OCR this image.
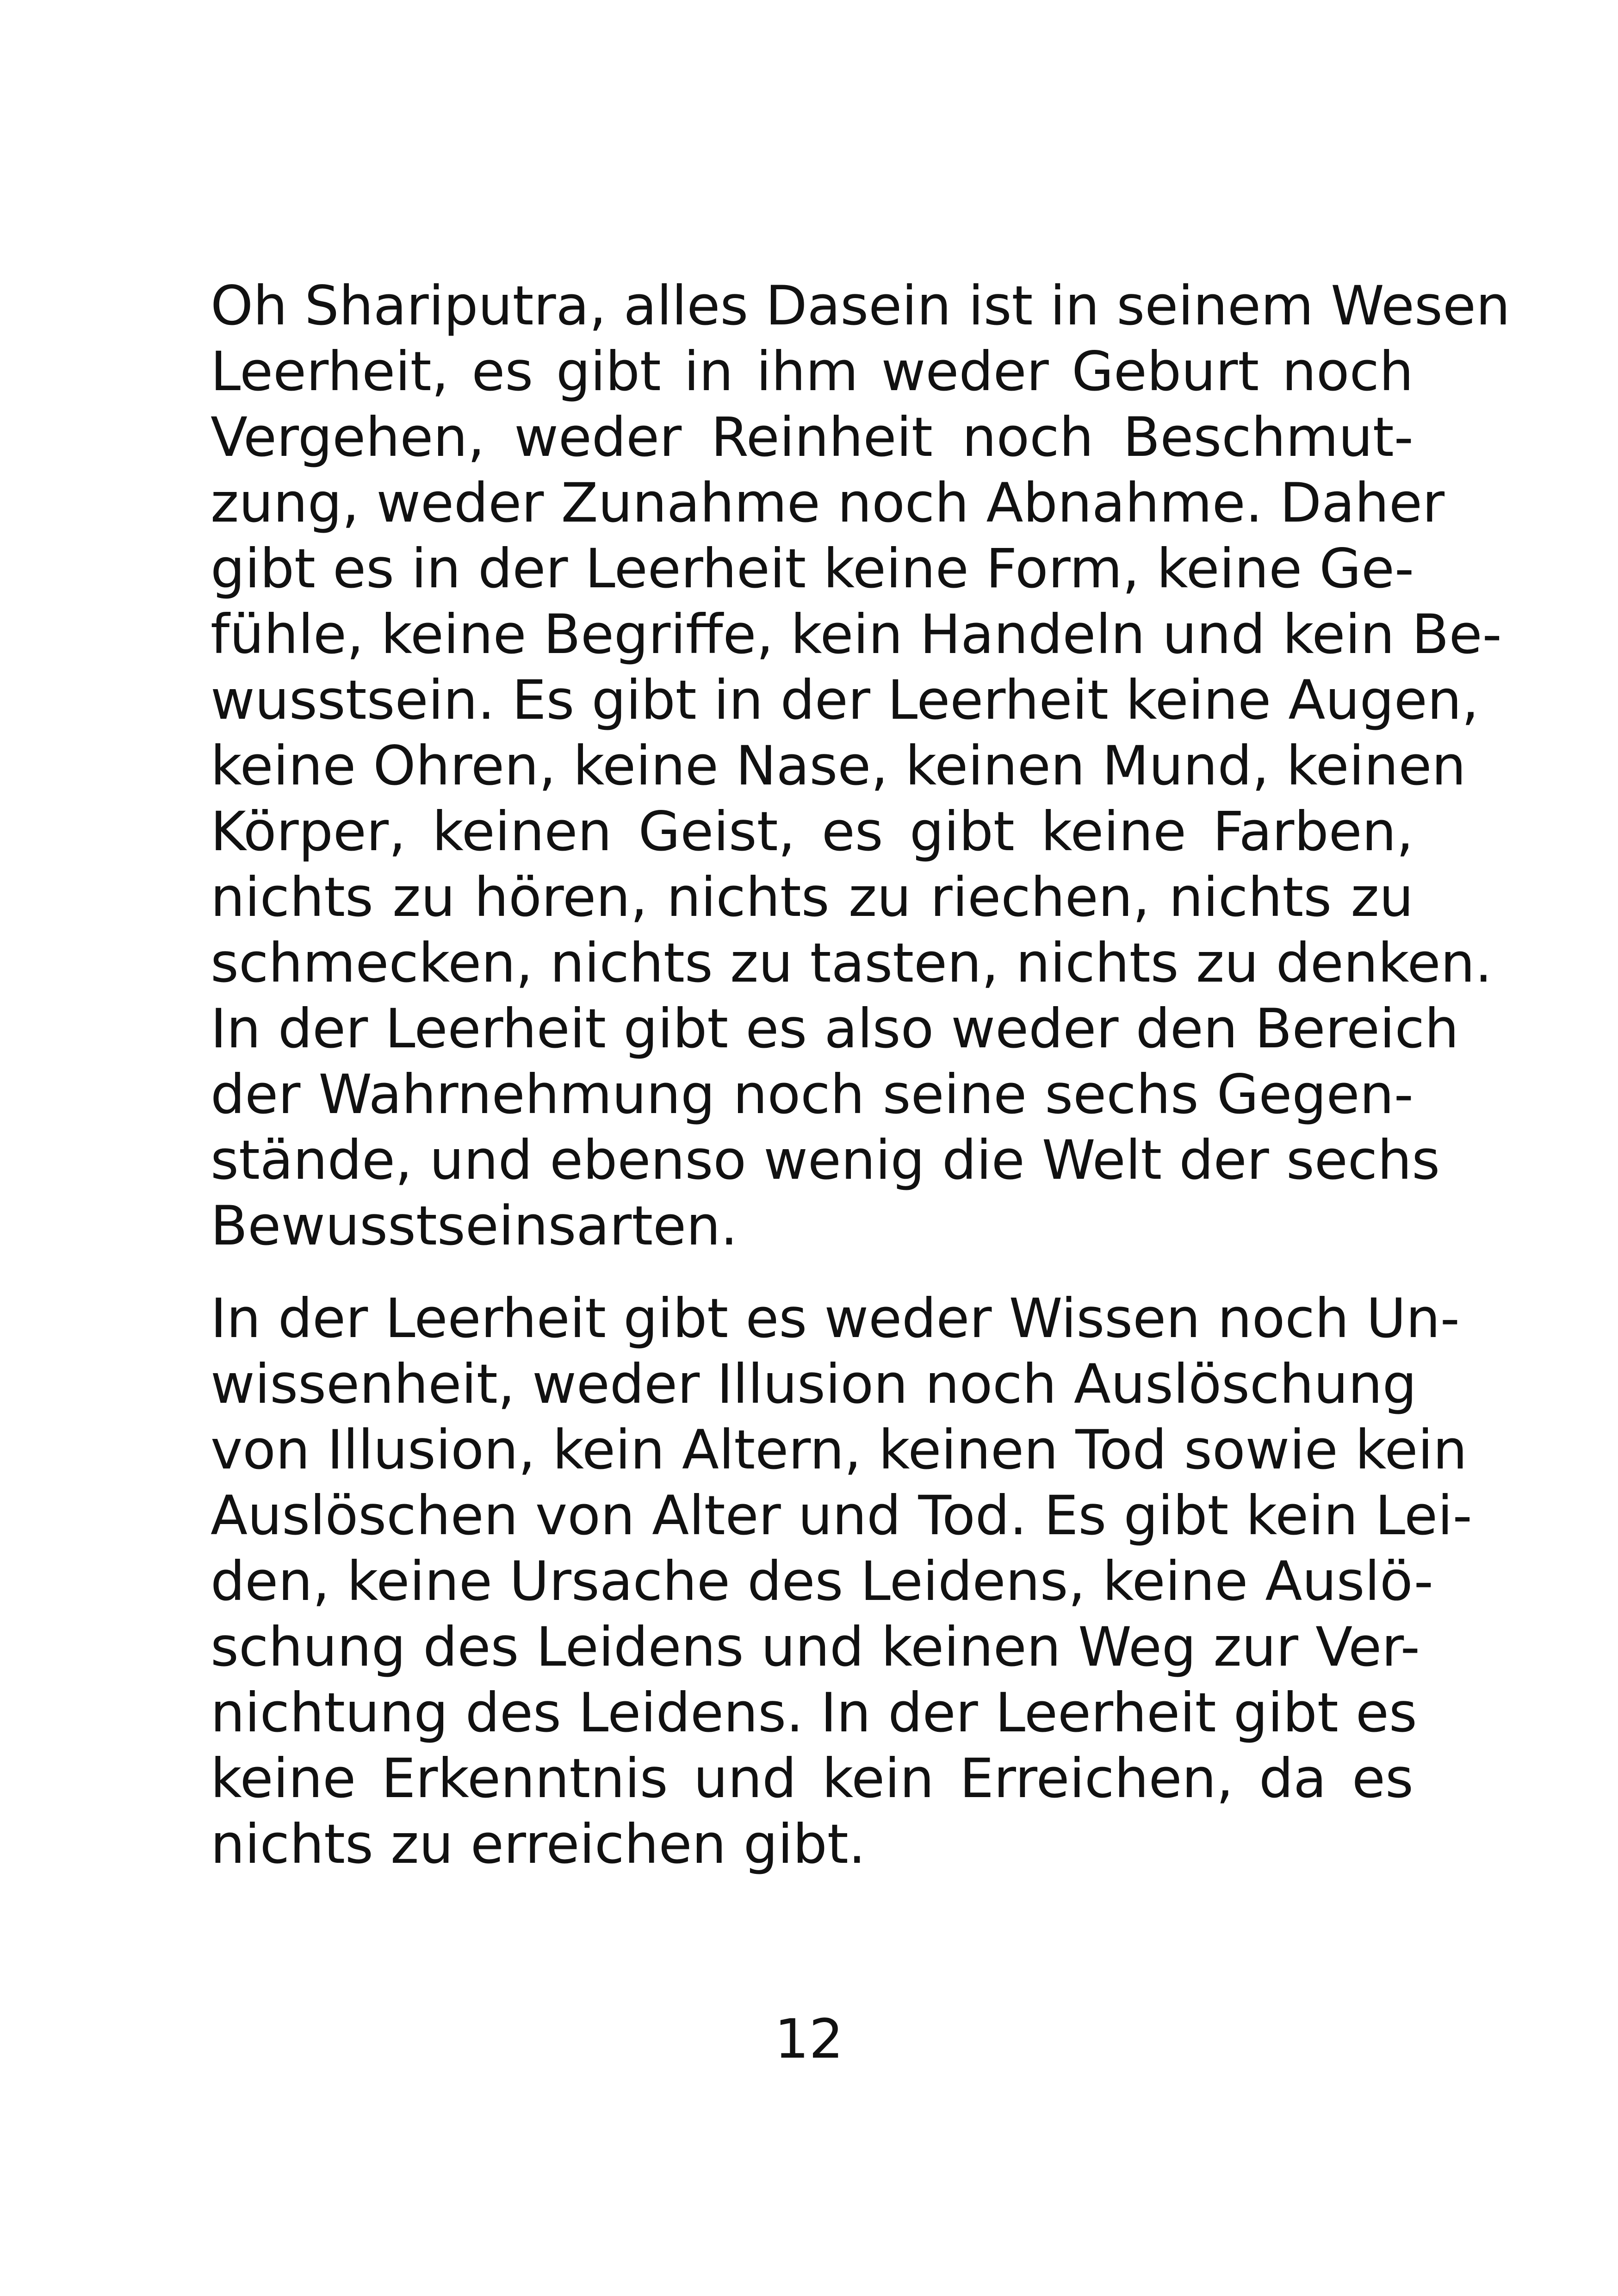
Oh Shariputra, alles Dasein ist in seinem Wesen
Leerheit, es gibt in ihm weder Geburt noch
Vergehen, weder Reinheit noch Beschmut-
zung, weder Zunahme noch Abnahme. Daher
gibt es in der Leerheit keine Form, keine Ge-
fühle, keine Begriffe, kein Handeln und kein Be-
wusstsein. Es gibt in der Leerheit keine Augen,
keine Ohren, keine Nase, keinen Mund, keinen
Körper, keinen Geist, es gibt keine Farben,
nichts zu hören, nichts zu riechen, nichts zu
schmecken, nichts zu tasten, nichts zu denken.
In der Leerheit gibt es also weder den Bereich
der Wahrnehmung noch seine sechs Gegen-
stände, und ebenso wenig die Welt der sechs
Bewusstseinsarten.

In der Leerheit gibt es weder Wissen noch Un-
wissenheit, weder Illusion noch Auslöschung
von Illusion, kein Altern, keinen Tod sowie kein
Auslöschen von Alter und Tod. Es gibt kein Lei-
den, keine Ursache des Leidens, keine Auslö-
schung des Leidens und keinen Weg zur Ver-
nichtung des Leidens. In der Leerheit gibt es
keine Erkenntnis und kein Erreichen, da es
nichts zu erreichen gibt.

12
